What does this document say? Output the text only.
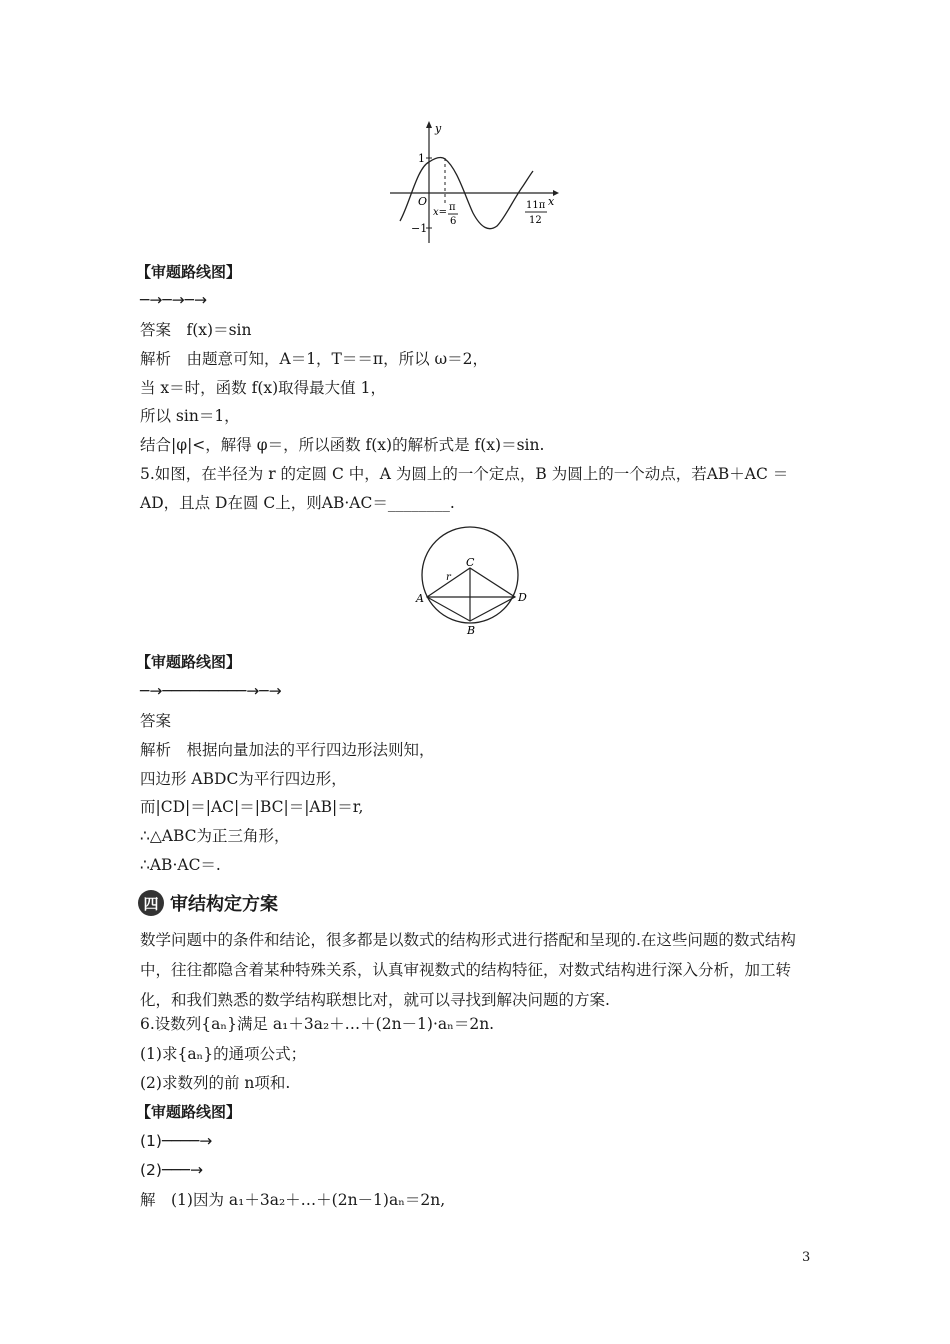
y
x
O
1
−1
x= π
6
11π
12
【审题路线图】
─→─→─→
答案　f(x)＝sin
解析　由题意可知，A＝1，T＝＝π，所以 ω＝2，
当 x＝时，函数 f(x)取得最大值 1，
所以 sin＝1，
结合|φ|<，解得 φ＝，所以函数 f(x)的解析式是 f(x)＝sin.
5.如图，在半径为 r 的定圆 C 中，A 为圆上的一个定点，B 为圆上的一个动点，若AB＋AC ＝
AD，且点 D在圆 C上，则AB·AC＝________.
C
A	D
B
r
【审题路线图】
─→─────────→─→
答案
解析　根据向量加法的平行四边形法则知，
四边形 ABDC为平行四边形，
而|CD|＝|AC|＝|BC|＝|AB|＝r,
∴△ABC为正三角形，
∴AB·AC＝.
四 审结构定方案
数学问题中的条件和结论，很多都是以数式的结构形式进行搭配和呈现的.在这些问题的数式结构中，往往都隐含着某种特殊关系，认真审视数式的结构特征，对数式结构进行深入分析，加工转化，和我们熟悉的数学结构联想比对，就可以寻找到解决问题的方案.
6.设数列{aₙ}满足 a₁＋3a₂＋…＋(2n－1)·aₙ＝2n.
(1)求{aₙ}的通项公式；
(2)求数列的前 n项和.
【审题路线图】
(1)────→
(2)───→
解　(1)因为 a₁＋3a₂＋…＋(2n－1)aₙ＝2n,
3
